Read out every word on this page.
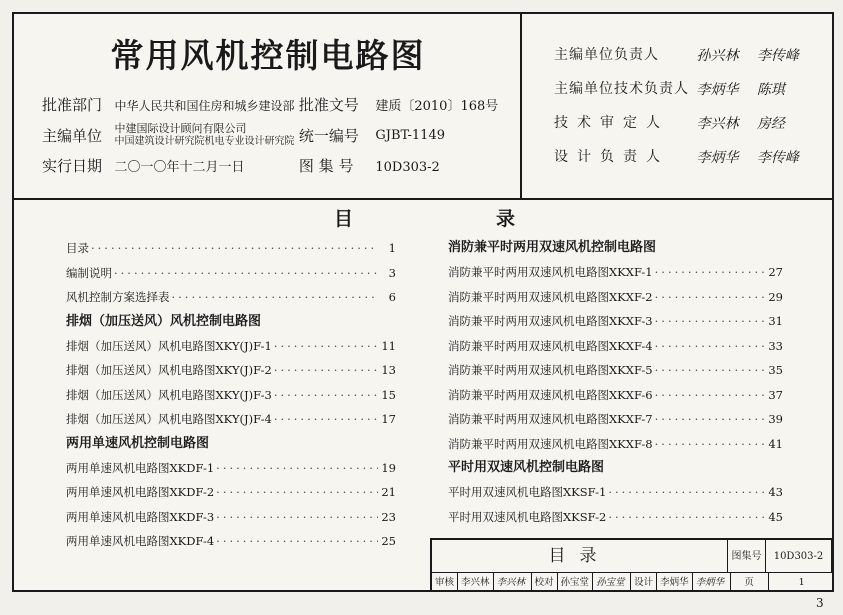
常用风机控制电路图
批准部门 中华人民共和国住房和城乡建设部 批准文号 建质〔2010〕168号
主编单位 中建国际设计顾问有限公司
中国建筑设计研究院机电专业设计研究院 统一编号 GJBT-1149
实行日期 二〇一〇年十二月一日	图 集 号 10D303-2
主编单位负责人	孙兴林 李传峰
主编单位技术负责人 李炳华 陈琪
技术审定人 李兴林 房经
设计负责人 李炳华 李传峰
目	录
目录 ·····	1
编制说明 ·····	3
风机控制方案选择表 ·····	6
排烟（加压送风）风机控制电路图
排烟（加压送风）风机电路图XKY(J)F-1 ·····	11
排烟（加压送风）风机电路图XKY(J)F-2 ·····	13
排烟（加压送风）风机电路图XKY(J)F-3 ·····	15
排烟（加压送风）风机电路图XKY(J)F-4 ·····	17
两用单速风机控制电路图
两用单速风机电路图XKDF-1 ·····	19
两用单速风机电路图XKDF-2 ·····	21
两用单速风机电路图XKDF-3 ·····	23
两用单速风机电路图XKDF-4 ·····	25
消防兼平时两用双速风机控制电路图
消防兼平时两用双速风机电路图XKXF-1 ·····	27
消防兼平时两用双速风机电路图XKXF-2 ·····	29
消防兼平时两用双速风机电路图XKXF-3 ·····	31
消防兼平时两用双速风机电路图XKXF-4 ·····	33
消防兼平时两用双速风机电路图XKXF-5 ·····	35
消防兼平时两用双速风机电路图XKXF-6 ·····	37
消防兼平时两用双速风机电路图XKXF-7 ·····	39
消防兼平时两用双速风机电路图XKXF-8 ·····	41
平时用双速风机控制电路图
平时用双速风机电路图XKSF-1 ·····	43
平时用双速风机电路图XKSF-2 ·····	45
目录	图集号	10D303-2
审核 李兴林 李兴林 校对 孙宝堂 孙宝堂 设计 李炳华 李炳华	页	1
3
